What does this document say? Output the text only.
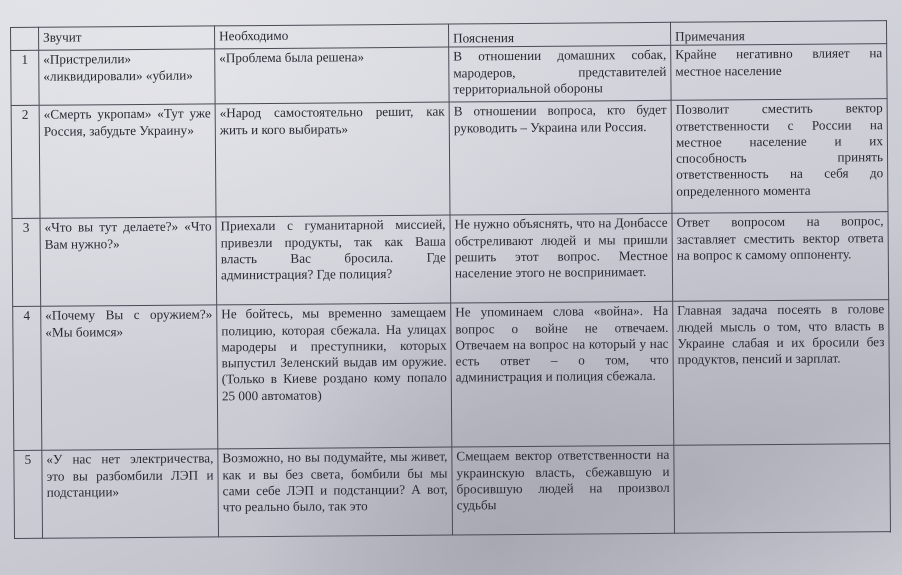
	Звучит	Необходимо	Пояснения	Примечания
1	«Пристрелили» «ликвидировали» «убили»	«Проблема была решена»	В отношении домашних собак, мародеров, представителей территориальной обороны	Крайне негативно влияет на местное население
2	«Смерть укропам» «Тут уже Россия, забудьте Украину»	«Народ самостоятельно решит, как жить и кого выбирать»	В отношении вопроса, кто будет руководить – Украина или Россия.	Позволит сместить вектор ответственности с России на местное население и их способность принять ответственность на себя до определенного момента
3	«Что вы тут делаете?» «Что Вам нужно?»	Приехали с гуманитарной миссией, привезли продукты, так как Ваша власть Вас бросила. Где администрация? Где полиция?	Не нужно объяснять, что на Донбассе обстреливают людей и мы пришли решить этот вопрос. Местное население этого не воспринимает.	Ответ вопросом на вопрос, заставляет сместить вектор ответа на вопрос к самому оппоненту.
4	«Почему Вы с оружием?» «Мы боимся»	Не бойтесь, мы временно замещаем полицию, которая сбежала. На улицах мародеры и преступники, которых выпустил Зеленский выдав им оружие. (Только в Киеве роздано кому попало 25 000 автоматов)	Не упоминаем слова «война». На вопрос о войне не отвечаем. Отвечаем на вопрос на который у нас есть ответ – о том, что администрация и полиция сбежала.	Главная задача посеять в голове людей мысль о том, что власть в Украине слабая и их бросили без продуктов, пенсий и зарплат.
5	«У нас нет электричества, это вы разбомбили ЛЭП и подстанции»	Возможно, но вы подумайте, мы живет, как и вы без света, бомбили бы мы сами себе ЛЭП и подстанции? А вот, что реально было, так это	Смещаем вектор ответственности на украинскую власть, сбежавшую и бросившую людей на произвол судьбы	
